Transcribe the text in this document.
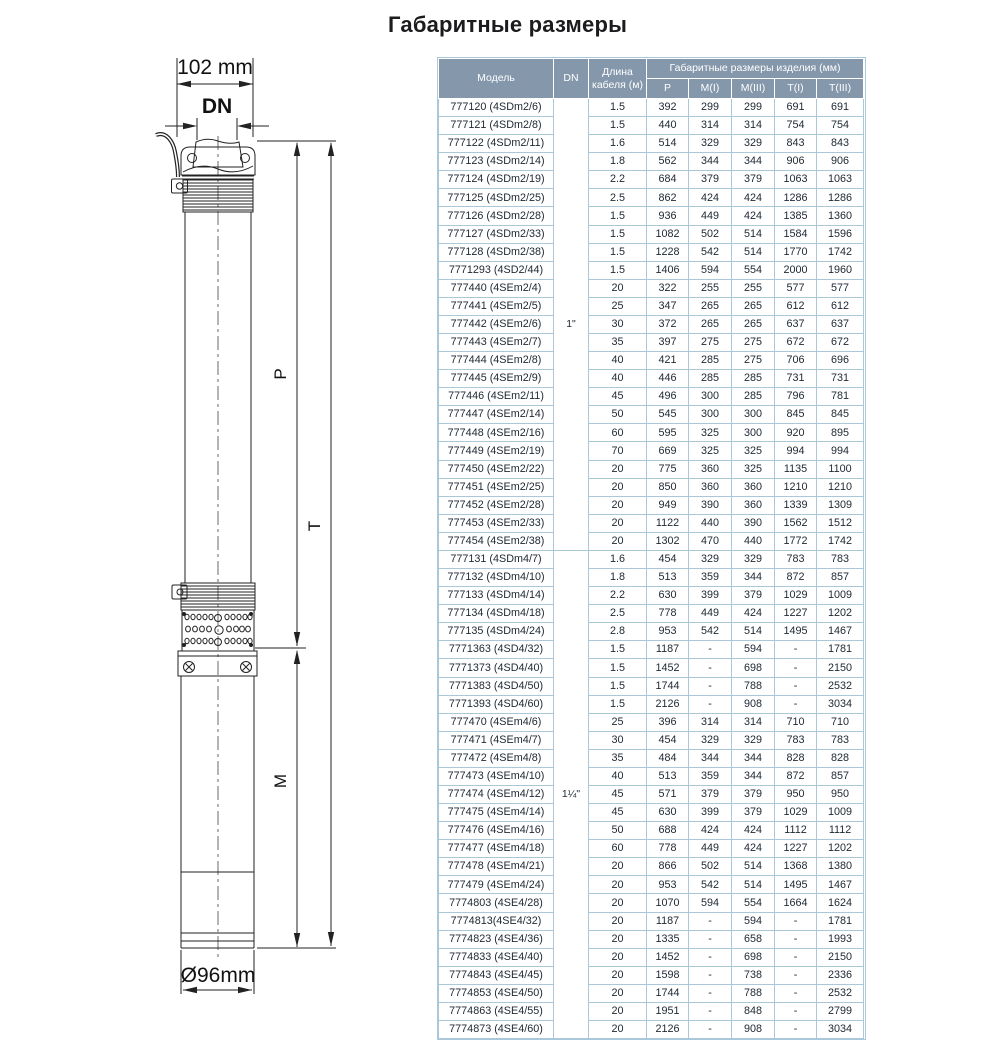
Габаритные размеры
102 mm
DN
P
M
T
Ø96mm
Модель	DN	Длина кабеля (м)	Габаритные размеры изделия (мм)				
			P	M(I)	M(III)	T(I)	T(III)
777120 (4SDm2/6)	1"	1.5	392	299	299	691	691
777121 (4SDm2/8)		1.5	440	314	314	754	754
777122 (4SDm2/11)		1.6	514	329	329	843	843
777123 (4SDm2/14)		1.8	562	344	344	906	906
777124 (4SDm2/19)		2.2	684	379	379	1063	1063
777125 (4SDm2/25)		2.5	862	424	424	1286	1286
777126 (4SDm2/28)		1.5	936	449	424	1385	1360
777127 (4SDm2/33)		1.5	1082	502	514	1584	1596
777128 (4SDm2/38)		1.5	1228	542	514	1770	1742
7771293 (4SD2/44)		1.5	1406	594	554	2000	1960
777440 (4SEm2/4)		20	322	255	255	577	577
777441 (4SEm2/5)		25	347	265	265	612	612
777442 (4SEm2/6)		30	372	265	265	637	637
777443 (4SEm2/7)		35	397	275	275	672	672
777444 (4SEm2/8)		40	421	285	275	706	696
777445 (4SEm2/9)		40	446	285	285	731	731
777446 (4SEm2/11)		45	496	300	285	796	781
777447 (4SEm2/14)		50	545	300	300	845	845
777448 (4SEm2/16)		60	595	325	300	920	895
777449 (4SEm2/19)		70	669	325	325	994	994
777450 (4SEm2/22)		20	775	360	325	1135	1100
777451 (4SEm2/25)		20	850	360	360	1210	1210
777452 (4SEm2/28)		20	949	390	360	1339	1309
777453 (4SEm2/33)		20	1122	440	390	1562	1512
777454 (4SEm2/38)		20	1302	470	440	1772	1742
777131 (4SDm4/7)	1¼"	1.6	454	329	329	783	783
777132 (4SDm4/10)		1.8	513	359	344	872	857
777133 (4SDm4/14)		2.2	630	399	379	1029	1009
777134 (4SDm4/18)		2.5	778	449	424	1227	1202
777135 (4SDm4/24)		2.8	953	542	514	1495	1467
7771363 (4SD4/32)		1.5	1187	-	594	-	1781
7771373 (4SD4/40)		1.5	1452	-	698	-	2150
7771383 (4SD4/50)		1.5	1744	-	788	-	2532
7771393 (4SD4/60)		1.5	2126	-	908	-	3034
777470 (4SEm4/6)		25	396	314	314	710	710
777471 (4SEm4/7)		30	454	329	329	783	783
777472 (4SEm4/8)		35	484	344	344	828	828
777473 (4SEm4/10)		40	513	359	344	872	857
777474 (4SEm4/12)		45	571	379	379	950	950
777475 (4SEm4/14)		45	630	399	379	1029	1009
777476 (4SEm4/16)		50	688	424	424	1112	1112
777477 (4SEm4/18)		60	778	449	424	1227	1202
777478 (4SEm4/21)		20	866	502	514	1368	1380
777479 (4SEm4/24)		20	953	542	514	1495	1467
7774803 (4SE4/28)		20	1070	594	554	1664	1624
7774813(4SE4/32)		20	1187	-	594	-	1781
7774823 (4SE4/36)		20	1335	-	658	-	1993
7774833 (4SE4/40)		20	1452	-	698	-	2150
7774843 (4SE4/45)		20	1598	-	738	-	2336
7774853 (4SE4/50)		20	1744	-	788	-	2532
7774863 (4SE4/55)		20	1951	-	848	-	2799
7774873 (4SE4/60)		20	2126	-	908	-	3034
